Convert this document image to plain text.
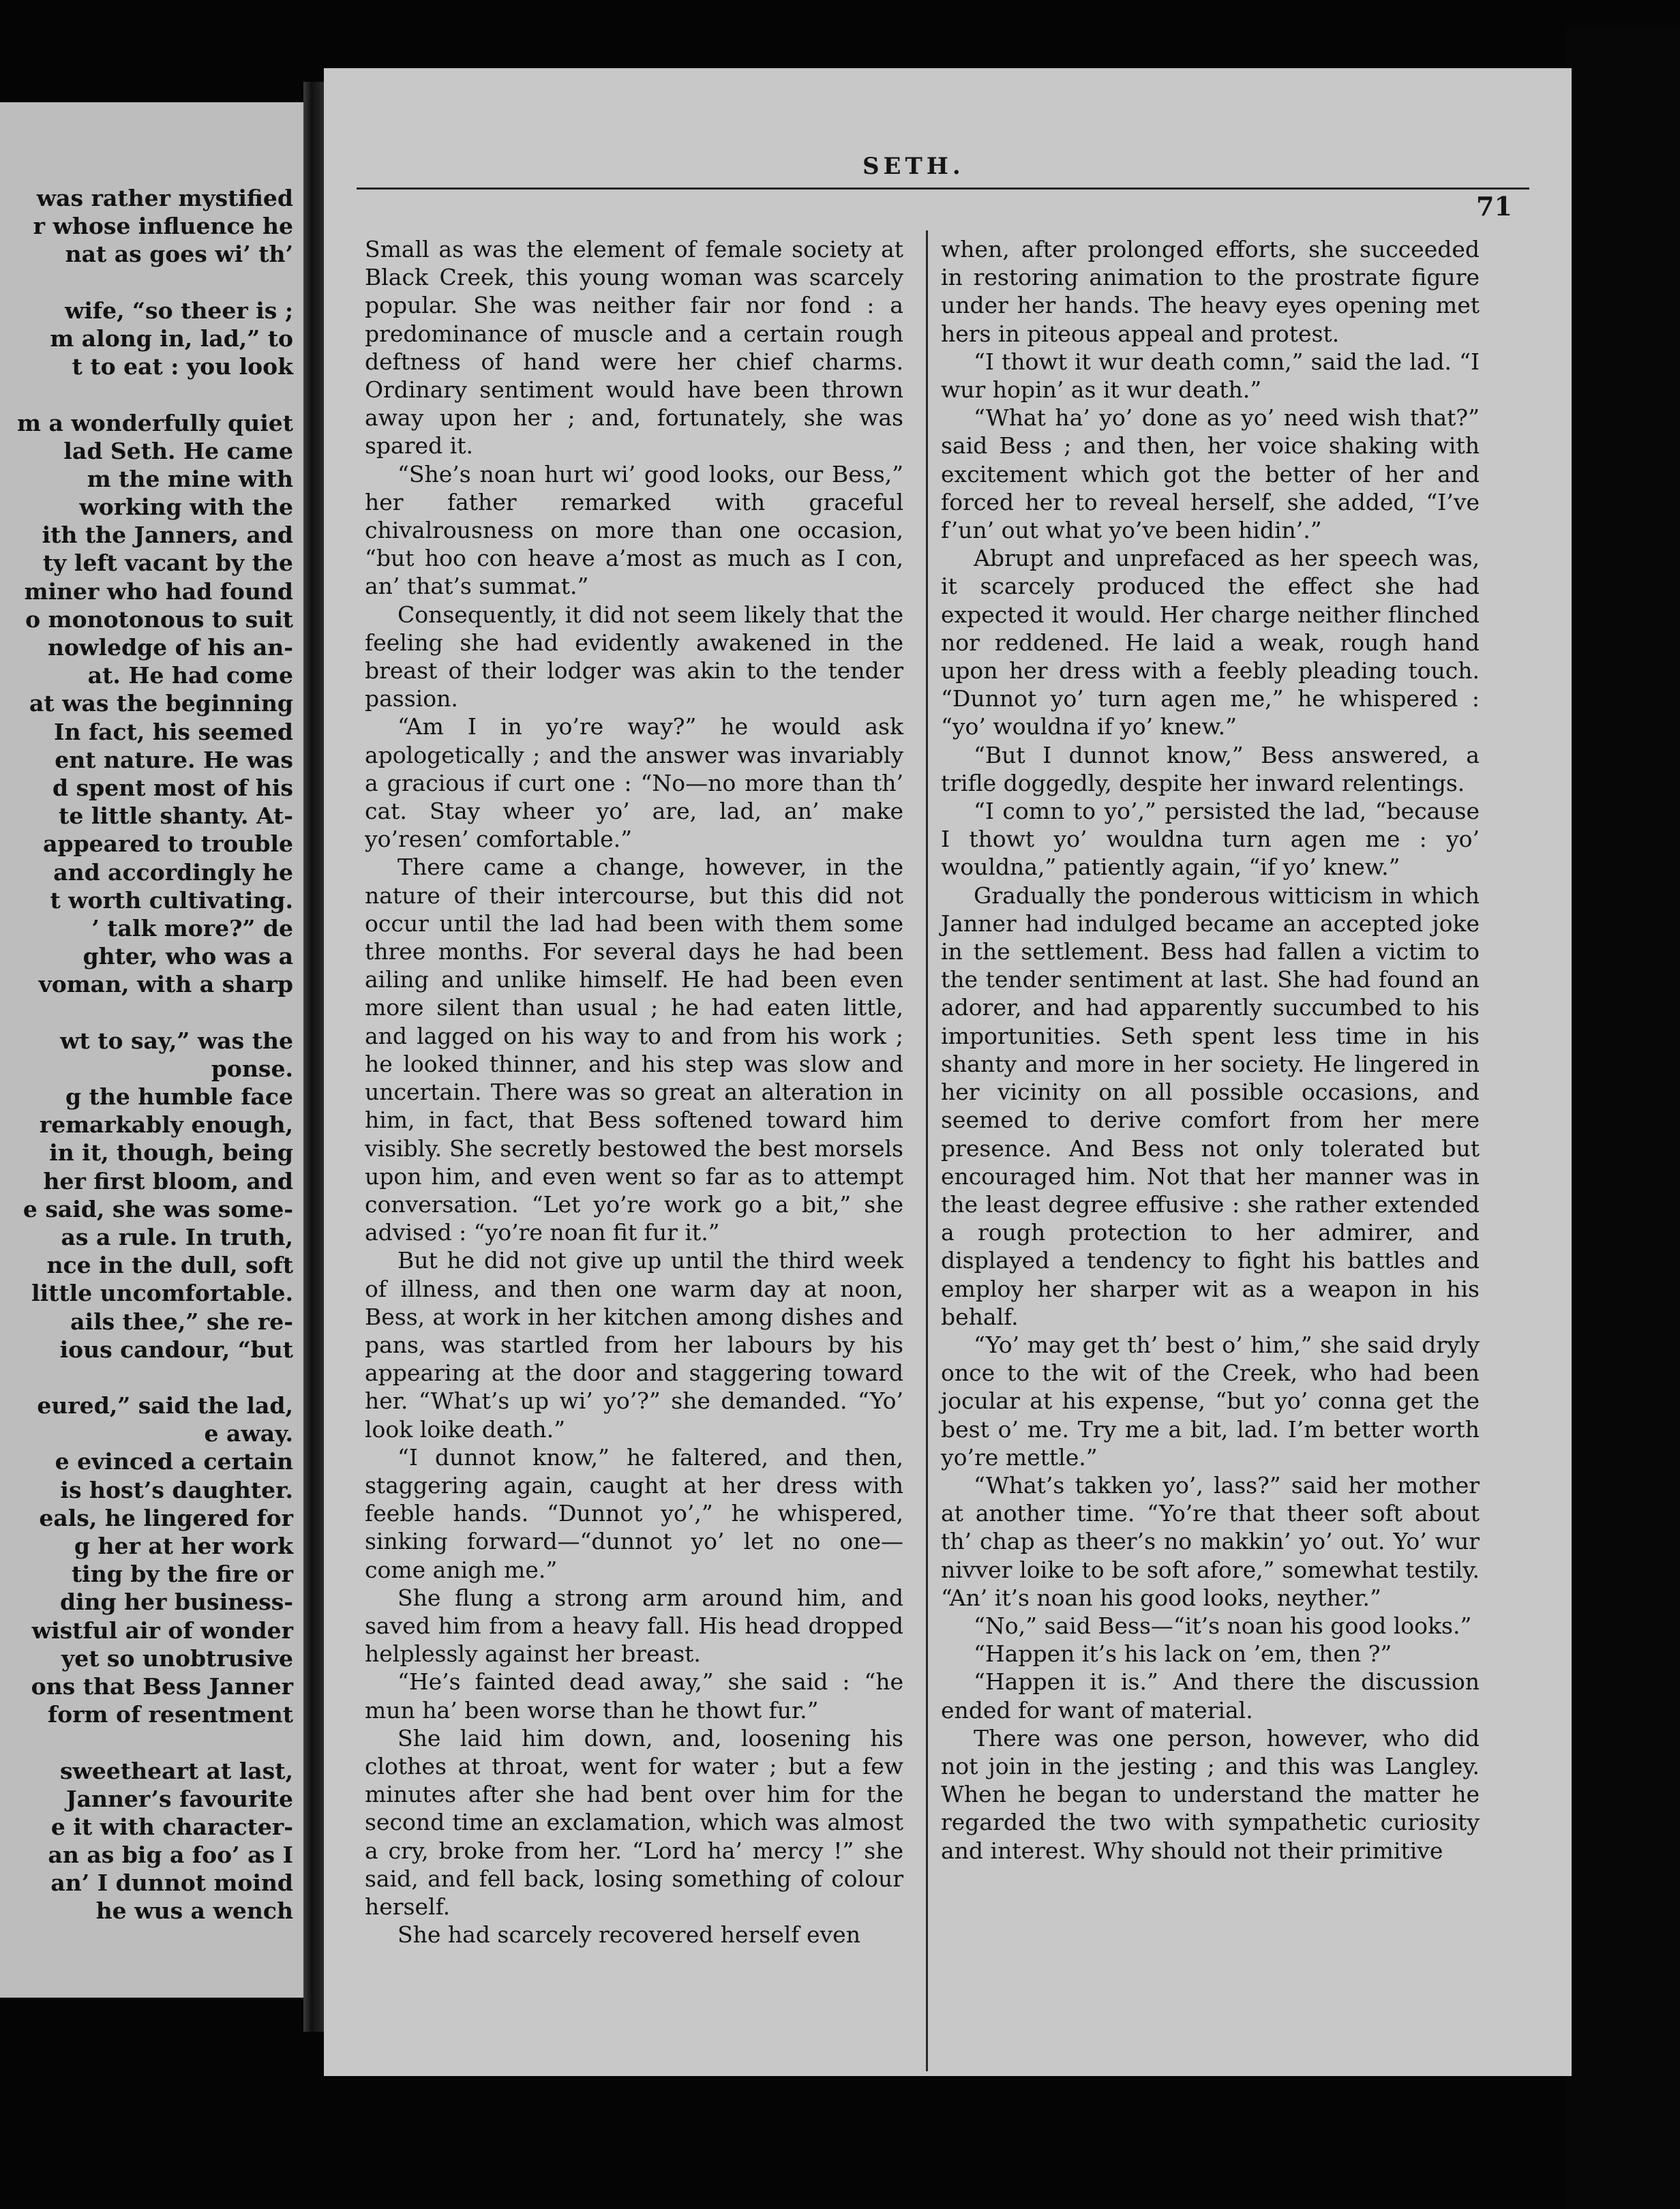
was rather mystified
r whose influence he
nat as goes wi’ th’
wife, “so theer is ;
m along in, lad,” to
t to eat : you look
m a wonderfully quiet
lad Seth. He came
m the mine with
working with the
ith the Janners, and
ty left vacant by the
miner who had found
o monotonous to suit
nowledge of his an-
at. He had come
at was the beginning
In fact, his seemed
ent nature. He was
d spent most of his
te little shanty. At-
appeared to trouble
and accordingly he
t worth cultivating.
’ talk more?” de
ghter, who was a
voman, with a sharp
wt to say,” was the
ponse.
g the humble face
remarkably enough,
in it, though, being
her first bloom, and
e said, she was some-
as a rule. In truth,
nce in the dull, soft
little uncomfortable.
ails thee,” she re-
ious candour, “but
eured,” said the lad,
e away.
e evinced a certain
is host’s daughter.
eals, he lingered for
g her at her work
ting by the fire or
ding her business-
wistful air of wonder
yet so unobtrusive
ons that Bess Janner
form of resentment
sweetheart at last,
Janner’s favourite
e it with character-
an as big a foo’ as I
an’ I dunnot moind
he wus a wench
SETH.
71

Small as was the element of female society at Black Creek, this young woman was scarcely popular. She was neither fair nor fond : a predominance of muscle and a certain rough deftness of hand were her chief charms. Ordinary sentiment would have been thrown away upon her ; and, fortunately, she was spared it.

“She’s noan hurt wi’ good looks, our Bess,” her father remarked with graceful chivalrousness on more than one occasion, “but hoo con heave a’most as much as I con, an’ that’s summat.”

Consequently, it did not seem likely that the feeling she had evidently awakened in the breast of their lodger was akin to the tender passion.

“Am I in yo’re way?” he would ask apologetically ; and the answer was invariably a gracious if curt one : “No—no more than th’ cat. Stay wheer yo’ are, lad, an’ make yo’resen’ comfortable.”

There came a change, however, in the nature of their intercourse, but this did not occur until the lad had been with them some three months. For several days he had been ailing and unlike himself. He had been even more silent than usual ; he had eaten little, and lagged on his way to and from his work ; he looked thinner, and his step was slow and uncertain. There was so great an alteration in him, in fact, that Bess softened toward him visibly. She secretly bestowed the best morsels upon him, and even went so far as to attempt conversation. “Let yo’re work go a bit,” she advised : “yo’re noan fit fur it.”

But he did not give up until the third week of illness, and then one warm day at noon, Bess, at work in her kitchen among dishes and pans, was startled from her labours by his appearing at the door and staggering toward her. “What’s up wi’ yo’?” she demanded. “Yo’ look loike death.”

“I dunnot know,” he faltered, and then, staggering again, caught at her dress with feeble hands. “Dunnot yo’,” he whispered, sinking forward—“dunnot yo’ let no one—come anigh me.”

She flung a strong arm around him, and saved him from a heavy fall. His head dropped helplessly against her breast.

“He’s fainted dead away,” she said : “he mun ha’ been worse than he thowt fur.”

She laid him down, and, loosening his clothes at throat, went for water ; but a few minutes after she had bent over him for the second time an exclamation, which was almost a cry, broke from her. “Lord ha’ mercy !” she said, and fell back, losing something of colour herself.

She had scarcely recovered herself even

when, after prolonged efforts, she succeeded in restoring animation to the prostrate figure under her hands. The heavy eyes opening met hers in piteous appeal and protest.

“I thowt it wur death comn,” said the lad. “I wur hopin’ as it wur death.”

“What ha’ yo’ done as yo’ need wish that?” said Bess ; and then, her voice shaking with excitement which got the better of her and forced her to reveal herself, she added, “I’ve f’un’ out what yo’ve been hidin’.”

Abrupt and unprefaced as her speech was, it scarcely produced the effect she had expected it would. Her charge neither flinched nor reddened. He laid a weak, rough hand upon her dress with a feebly pleading touch. “Dunnot yo’ turn agen me,” he whispered : “yo’ wouldna if yo’ knew.”

“But I dunnot know,” Bess answered, a trifle doggedly, despite her inward relentings.

“I comn to yo’,” persisted the lad, “because I thowt yo’ wouldna turn agen me : yo’ wouldna,” patiently again, “if yo’ knew.”

Gradually the ponderous witticism in which Janner had indulged became an accepted joke in the settlement. Bess had fallen a victim to the tender sentiment at last. She had found an adorer, and had apparently succumbed to his importunities. Seth spent less time in his shanty and more in her society. He lingered in her vicinity on all possible occasions, and seemed to derive comfort from her mere presence. And Bess not only tolerated but encouraged him. Not that her manner was in the least degree effusive : she rather extended a rough protection to her admirer, and displayed a tendency to fight his battles and employ her sharper wit as a weapon in his behalf.

“Yo’ may get th’ best o’ him,” she said dryly once to the wit of the Creek, who had been jocular at his expense, “but yo’ conna get the best o’ me. Try me a bit, lad. I’m better worth yo’re mettle.”

“What’s takken yo’, lass?” said her mother at another time. “Yo’re that theer soft about th’ chap as theer’s no makkin’ yo’ out. Yo’ wur nivver loike to be soft afore,” somewhat testily. “An’ it’s noan his good looks, neyther.”

“No,” said Bess—“it’s noan his good looks.”

“Happen it’s his lack on ’em, then ?”

“Happen it is.” And there the discussion ended for want of material.

There was one person, however, who did not join in the jesting ; and this was Langley. When he began to understand the matter he regarded the two with sympathetic curiosity and interest. Why should not their primitive
